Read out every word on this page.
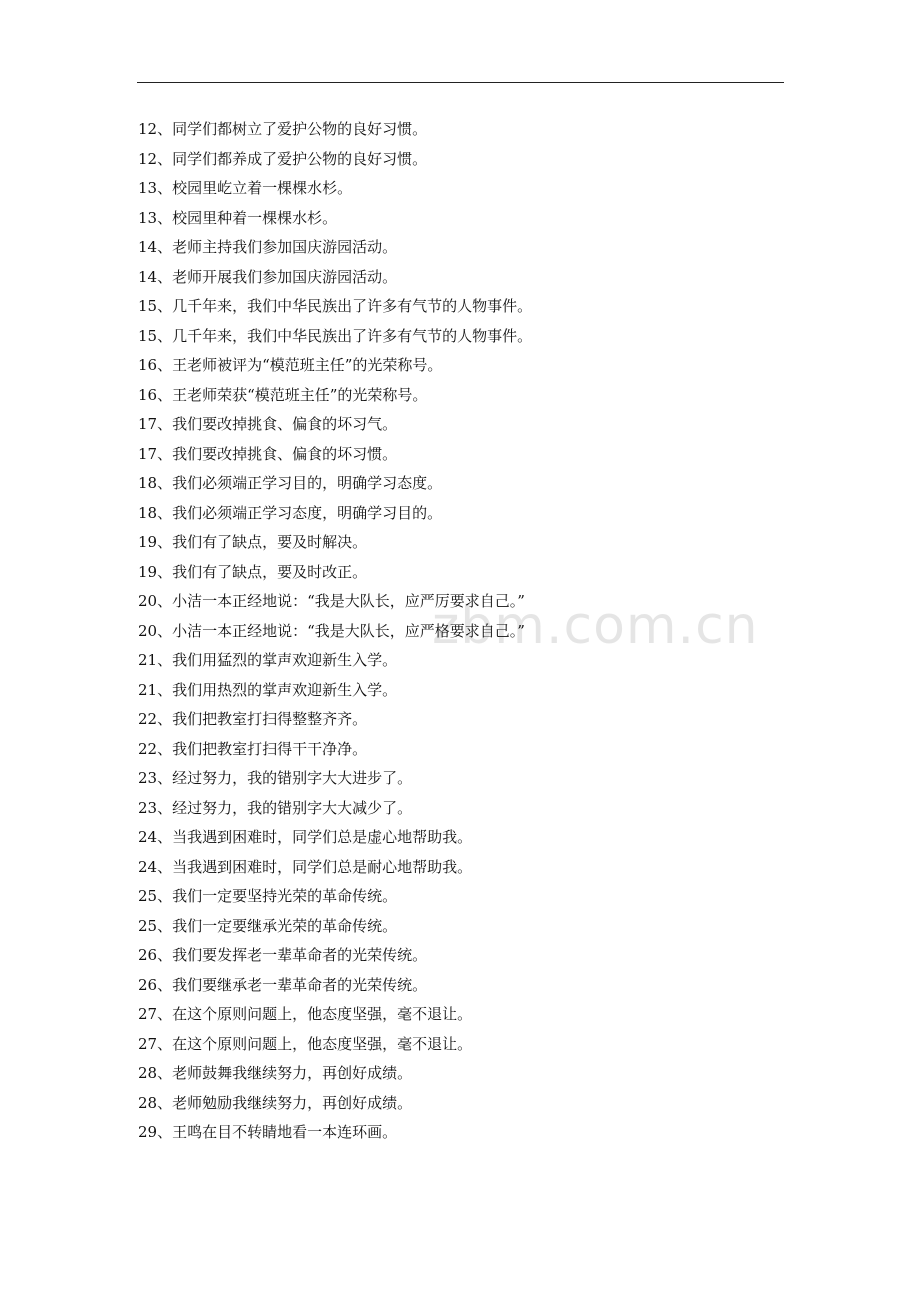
12、同学们都树立了爱护公物的良好习惯。
12、同学们都养成了爱护公物的良好习惯。
13、校园里屹立着一棵棵水杉。
13、校园里种着一棵棵水杉。
14、老师主持我们参加国庆游园活动。
14、老师开展我们参加国庆游园活动。
15、几千年来，我们中华民族出了许多有气节的人物事件。
15、几千年来，我们中华民族出了许多有气节的人物事件。
16、王老师被评为“模范班主任”的光荣称号。
16、王老师荣获“模范班主任”的光荣称号。
17、我们要改掉挑食、偏食的坏习气。
17、我们要改掉挑食、偏食的坏习惯。
18、我们必须端正学习目的，明确学习态度。
18、我们必须端正学习态度，明确学习目的。
19、我们有了缺点，要及时解决。
19、我们有了缺点，要及时改正。
20、小洁一本正经地说：“我是大队长，应严厉要求自己。”
20、小洁一本正经地说：“我是大队长，应严格要求自己。”
21、我们用猛烈的掌声欢迎新生入学。
21、我们用热烈的掌声欢迎新生入学。
22、我们把教室打扫得整整齐齐。
22、我们把教室打扫得干干净净。
23、经过努力，我的错别字大大进步了。
23、经过努力，我的错别字大大减少了。
24、当我遇到困难时，同学们总是虚心地帮助我。
24、当我遇到困难时，同学们总是耐心地帮助我。
25、我们一定要坚持光荣的革命传统。
25、我们一定要继承光荣的革命传统。
26、我们要发挥老一辈革命者的光荣传统。
26、我们要继承老一辈革命者的光荣传统。
27、在这个原则问题上，他态度坚强，毫不退让。
27、在这个原则问题上，他态度坚强，毫不退让。
28、老师鼓舞我继续努力，再创好成绩。
28、老师勉励我继续努力，再创好成绩。
29、王鸣在目不转睛地看一本连环画。
zbm.com.cn
